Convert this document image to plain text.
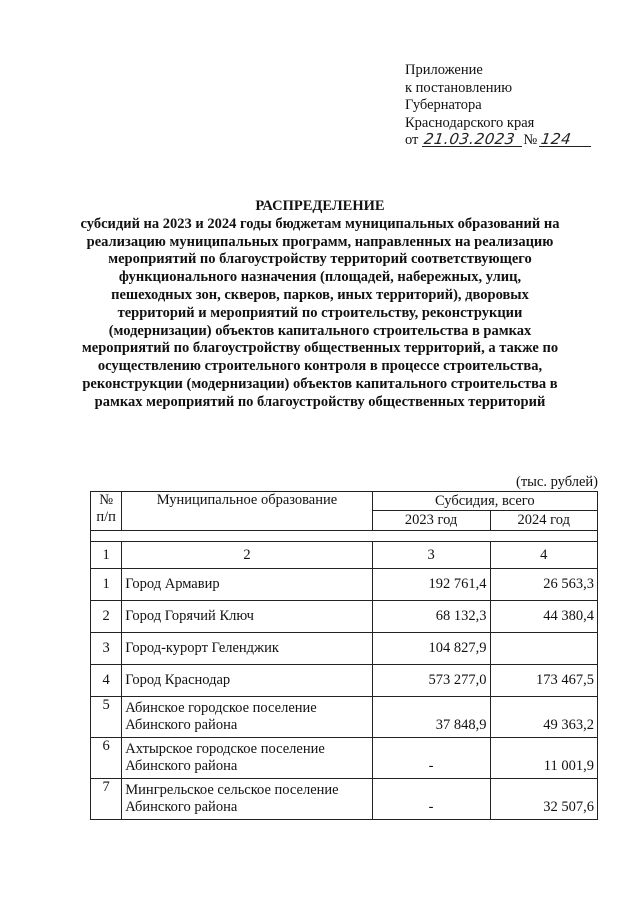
Приложение
к постановлению
Губернатора
Краснодарского края
от 21.03.2023 № 124
РАСПРЕДЕЛЕНИЕ
субсидий на 2023 и 2024 годы бюджетам муниципальных образований на реализацию муниципальных программ, направленных на реализацию мероприятий по благоустройству территорий соответствующего функционального назначения (площадей, набережных, улиц, пешеходных зон, скверов, парков, иных территорий), дворовых территорий и мероприятий по строительству, реконструкции (модернизации) объектов капитального строительства в рамках мероприятий по благоустройству общественных территорий, а также по осуществлению строительного контроля в процессе строительства, реконструкции (модернизации) объектов капитального строительства в рамках мероприятий по благоустройству общественных территорий
(тыс. рублей)
№ п/п	Муниципальное образование	Субсидия, всего	
		2023 год	2024 год

1	2	3	4
1	Город Армавир	192 761,4	26 563,3
2	Город Горячий Ключ	68 132,3	44 380,4
3	Город-курорт Геленджик	104 827,9	
4	Город Краснодар	573 277,0	173 467,5
5	Абинское городское поселение Абинского района	37 848,9	49 363,2
6	Ахтырское городское поселение Абинского района	-	11 001,9
7	Мингрельское сельское поселение Абинского района	-	32 507,6
